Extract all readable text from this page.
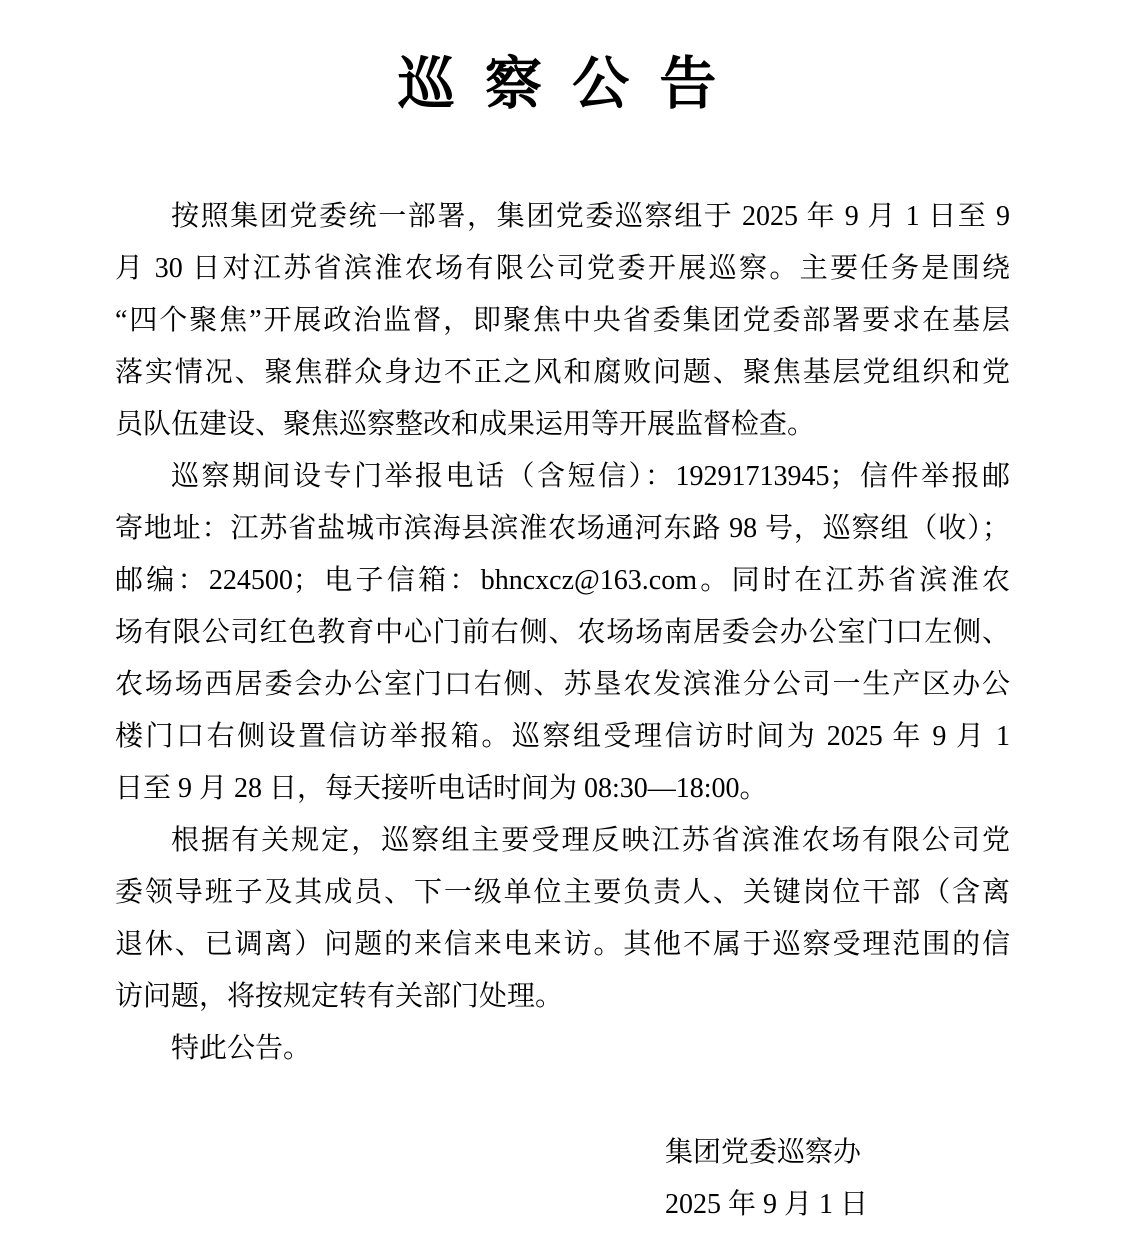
巡 察 公 告
按照集团党委统一部署，集团党委巡察组于 2025 年 9 月 1 日至 9
月 30 日对江苏省滨淮农场有限公司党委开展巡察。主要任务是围绕
“四个聚焦”开展政治监督，即聚焦中央省委集团党委部署要求在基层
落实情况、聚焦群众身边不正之风和腐败问题、聚焦基层党组织和党
员队伍建设、聚焦巡察整改和成果运用等开展监督检查。
巡察期间设专门举报电话（含短信）：19291713945；信件举报邮
寄地址：江苏省盐城市滨海县滨淮农场通河东路 98 号，巡察组（收）；
邮编：224500；电子信箱：bhncxcz@163.com。同时在江苏省滨淮农
场有限公司红色教育中心门前右侧、农场场南居委会办公室门口左侧、
农场场西居委会办公室门口右侧、苏垦农发滨淮分公司一生产区办公
楼门口右侧设置信访举报箱。巡察组受理信访时间为 2025 年 9 月 1
日至 9 月 28 日，每天接听电话时间为 08:30—18:00。
根据有关规定，巡察组主要受理反映江苏省滨淮农场有限公司党
委领导班子及其成员、下一级单位主要负责人、关键岗位干部（含离
退休、已调离）问题的来信来电来访。其他不属于巡察受理范围的信
访问题，将按规定转有关部门处理。
特此公告。
集团党委巡察办
2025 年 9 月 1 日
